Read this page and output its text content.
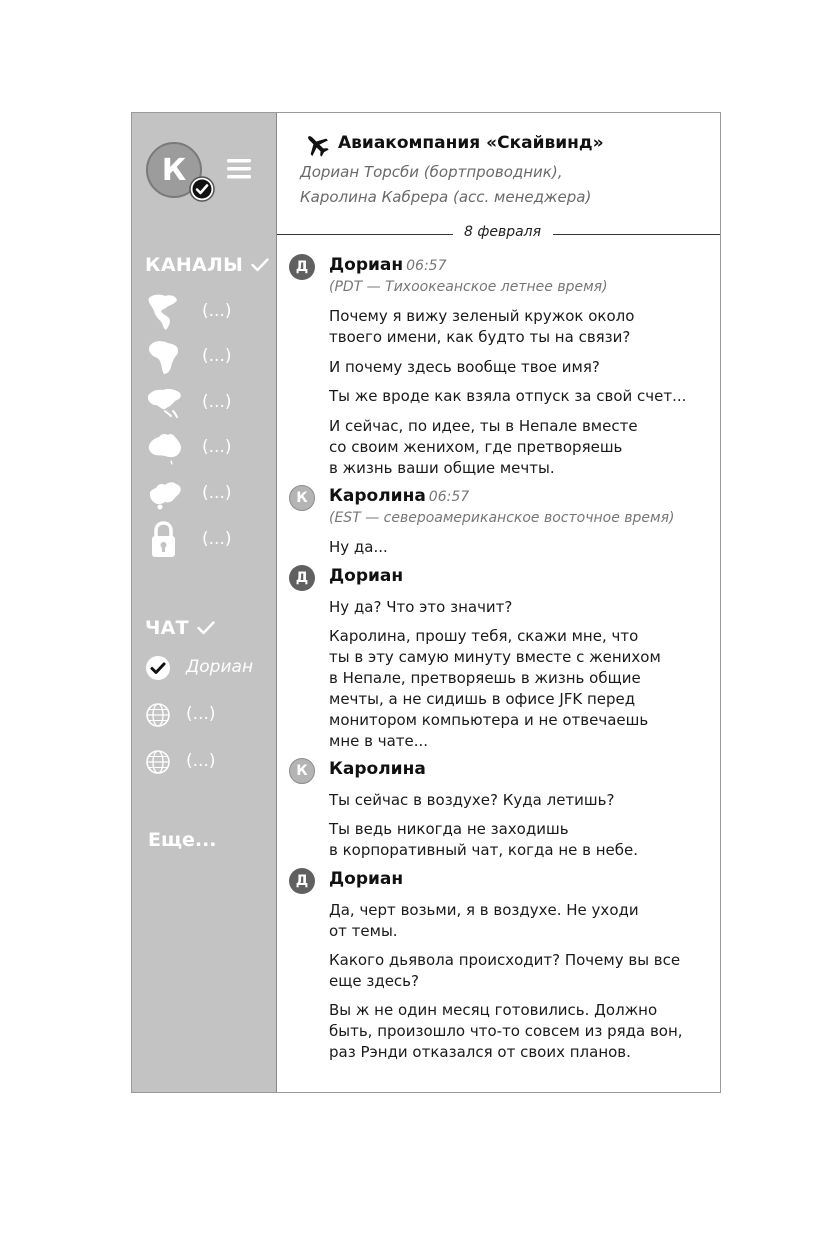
К
КАНАЛЫ
(...)
(...)
(...)
(...)
(...)
(...)
ЧАТ
Дориан
(...)
(...)
Еще...
Авиакомпания «Скайвинд»
Дориан Торсби (бортпроводник),
Каролина Кабрера (асс. менеджера)
8 февраля
Д	Дориан 06:57
(PDT — Тихоокеанское летнее время)
Почему я вижу зеленый кружок около
твоего имени, как будто ты на связи?
И почему здесь вообще твое имя?
Ты же вроде как взяла отпуск за свой счет...
И сейчас, по идее, ты в Непале вместе
со своим женихом, где претворяешь
в жизнь ваши общие мечты.
К	Каролина 06:57
(EST — североамериканское восточное время)
Ну да...
Д	Дориан
Ну да? Что это значит?
Каролина, прошу тебя, скажи мне, что
ты в эту самую минуту вместе с женихом
в Непале, претворяешь в жизнь общие
мечты, а не сидишь в офисе JFK перед
монитором компьютера и не отвечаешь
мне в чате...
К	Каролина
Ты сейчас в воздухе? Куда летишь?
Ты ведь никогда не заходишь
в корпоративный чат, когда не в небе.
Д	Дориан
Да, черт возьми, я в воздухе. Не уходи
от темы.
Какого дьявола происходит? Почему вы все
еще здесь?
Вы ж не один месяц готовились. Должно
быть, произошло что-то совсем из ряда вон,
раз Рэнди отказался от своих планов.
